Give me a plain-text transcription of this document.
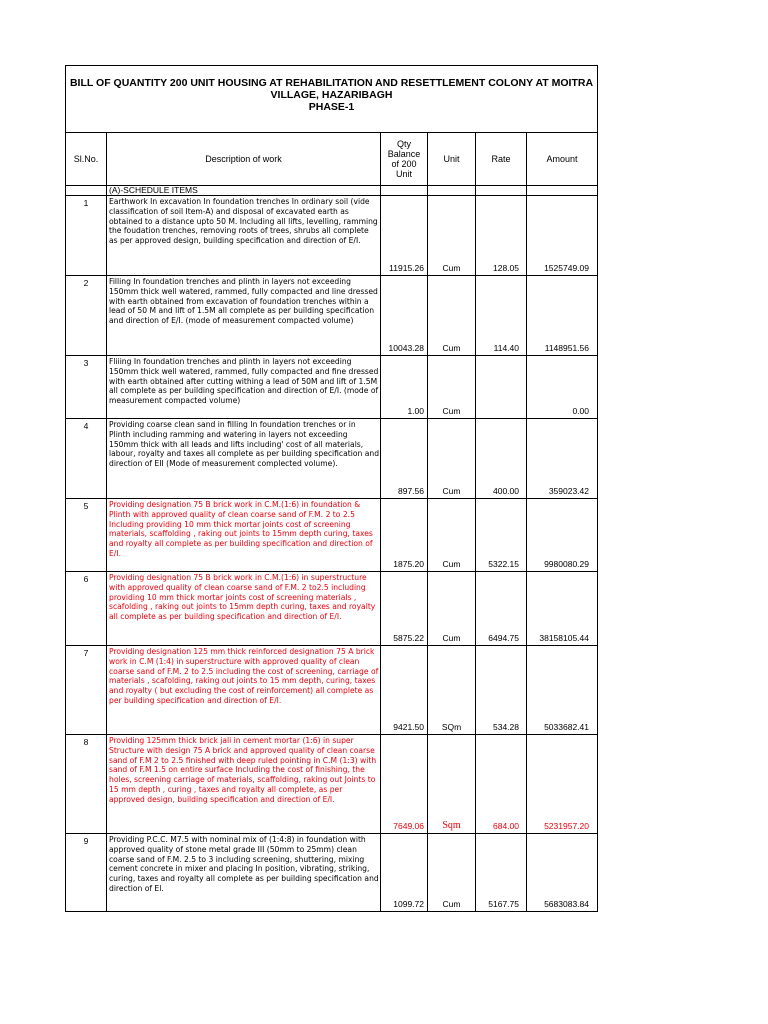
BILL OF QUANTITY 200 UNIT HOUSING AT REHABILITATION AND RESETTLEMENT COLONY AT MOITRA
VILLAGE, HAZARIBAGH
PHASE-1					

Sl.No.	Description of work	Qty
Balance
of 200
Unit	Unit	Rate	Amount
	(A)-SCHEDULE ITEMS				
1	Earthwork In excavation In foundation trenches In ordinary soil (vide classification of soil Item-A) and disposal of excavated earth as obtained to a distance upto 50 M. Including all lifts, levelling, ramming the foudation trenches, removing roots of trees, shrubs all complete as per approved design, building specification and direction of E/I.	11915.26	Cum	128.05	1525749.09
2	Filling In foundation trenches and plinth in layers not exceeding 150mm thick well watered, rammed, fully compacted and line dressed with earth obtained from excavation of foundation trenches within a lead of 50 M and lift of 1.5M all complete as per building specification and direction of E/I. (mode of measurement compacted volume)	10043.28	Cum	114.40	1148951.56
3	Fliiing In foundation trenches and plinth in layers not exceeding 150mm thick well watered, rammed, fully compacted and fine dressed with earth obtained after cutting withing a lead of 50M and lift of 1.5M all complete as per building specification and direction of E/I. (mode of measurement compacted volume)	1.00	Cum		0.00
4	Providing coarse clean sand in filling In foundation trenches or in Plinth including ramming and watering in layers not exceeding 150mm thick with all leads and lifts including' cost of all materials, labour, royalty and taxes all complete as per building specification and direction of EII (Mode of measurement complected volume).	897.56	Cum	400.00	359023.42
5	Providing designation 75 B brick work in C.M.(1:6) in foundation & Plinth with approved quality of clean coarse sand of F.M. 2 to 2.5 Including providing 10 mm thick mortar joints cost of screening materials, scaffolding , raking out joints to 15mm depth curing, taxes and royalty all complete as per building specification and direction of E/I.	1875.20	Cum	5322.15	9980080.29
6	Providing designation 75 B brick work in C.M.(1:6) in superstructure with approved quality of clean coarse sand of F.M. 2 to2.5 including providing 10 mm thick mortar joints cost of screening materials , scafolding , raking out joints to 15mm depth curing, taxes and royalty all complete as per building specification and direction of E/I.	5875.22	Cum	6494.75	38158105.44
7	Providing designation 125 mm thick reinforced designation 75 A brick work in C.M (1:4) in superstructure with approved quality of clean coarse sand of F.M. 2 to 2.5 including the cost of screening, carriage of materials , scafolding, raking out joints to 15 mm depth, curing, taxes and royalty ( but excluding the cost of reinforcement) all complete as per building specification and direction of E/I.	9421.50	SQm	534.28	5033682.41
8	Providing 125mm thick brick jali in cement mortar (1:6) in super Structure with design 75 A brick and approved quality of clean coarse sand of F.M 2 to 2.5 finished with deep ruled pointing in C.M (1:3) with sand of F.M 1.5 on entire surface Including the cost of finishing, the holes, screening carriage of materials, scaffolding, raking out Joints to 15 mm depth , curing , taxes and royalty all complete, as per approved design, building specification and direction of E/I.	7649.06	Sqm	684.00	5231957.20
9	Providing P.C.C. M7.5 with nominal mix of (1:4:8) in foundation with approved quality of stone metal grade III (50mm to 25mm) clean coarse sand of F.M. 2.5 to 3 including screening, shuttering, mixing cement concrete in mixer and placing In position, vibrating, striking, curing, taxes and royalty all complete as per building specification and direction of El.	1099.72	Cum	5167.75	5683083.84
